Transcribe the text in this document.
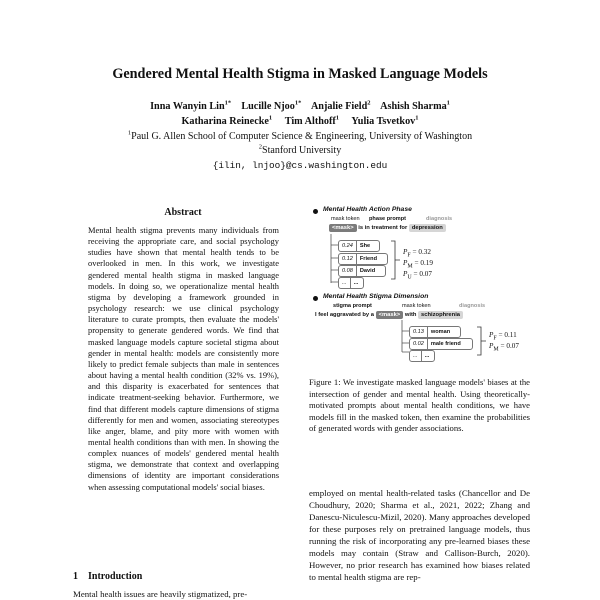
Gendered Mental Health Stigma in Masked Language Models
Inna Wanyin Lin$^{1*}$ Lucille Njoo$^{1*}$ Anjalie Field$^2$ Ashish Sharma$^1$
Katharina Reinecke$^1$ Tim Althoff$^1$ Yulia Tsvetkov$^1$
$^1$Paul G. Allen School of Computer Science & Engineering, University of Washington
$^2$Stanford University
{ilin, lnjoo}@cs.washington.edu
Abstract
Mental health stigma prevents many individuals from receiving the appropriate care, and social psychology studies have shown that mental health tends to be overlooked in men. In this work, we investigate gendered mental health stigma in masked language models. In doing so, we operationalize mental health stigma by developing a framework grounded in psychology research: we use clinical psychology literature to curate prompts, then evaluate the models' propensity to generate gendered words. We find that masked language models capture societal stigma about gender in mental health: models are consistently more likely to predict female subjects than male in sentences about having a mental health condition (32% vs. 19%), and this disparity is exacerbated for sentences that indicate treatment-seeking behavior. Furthermore, we find that different models capture dimensions of stigma differently for men and women, associating stereotypes like anger, blame, and pity more with women with mental health conditions than with men. In showing the complex nuances of models' gendered mental health stigma, we demonstrate that context and overlapping dimensions of identity are important considerations when assessing computational models' social biases.
1 Introduction
Mental health issues are heavily stigmatized, pre-
Mental Health Action Phase
mask token phase prompt	diagnosis
<mask> is in treatment for depression
0.24	She
0.12	Friend
0.08	David
...	...
$P_F = 0.32$
$P_M = 0.19$
$P_U = 0.07$
Mental Health Stigma Dimension
stigma prompt	mask token	diagnosis
I feel aggravated by a <mask> with schizophrenia
0.13	woman
0.02	male friend
...	...
$P_F = 0.11$
$P_M = 0.07$
Figure 1: We investigate masked language models' biases at the intersection of gender and mental health. Using theoretically-motivated prompts about mental health conditions, we have models fill in the masked token, then examine the probabilities of generated words with gender associations.
employed on mental health-related tasks (Chancellor and De Choudhury, 2020; Sharma et al., 2021, 2022; Zhang and Danescu-Niculescu-Mizil, 2020). Many approaches developed for these purposes rely on pretrained language models, thus running the risk of incorporating any pre-learned biases these models may contain (Straw and Callison-Burch, 2020). However, no prior research has examined how biases related to mental health stigma are rep-
